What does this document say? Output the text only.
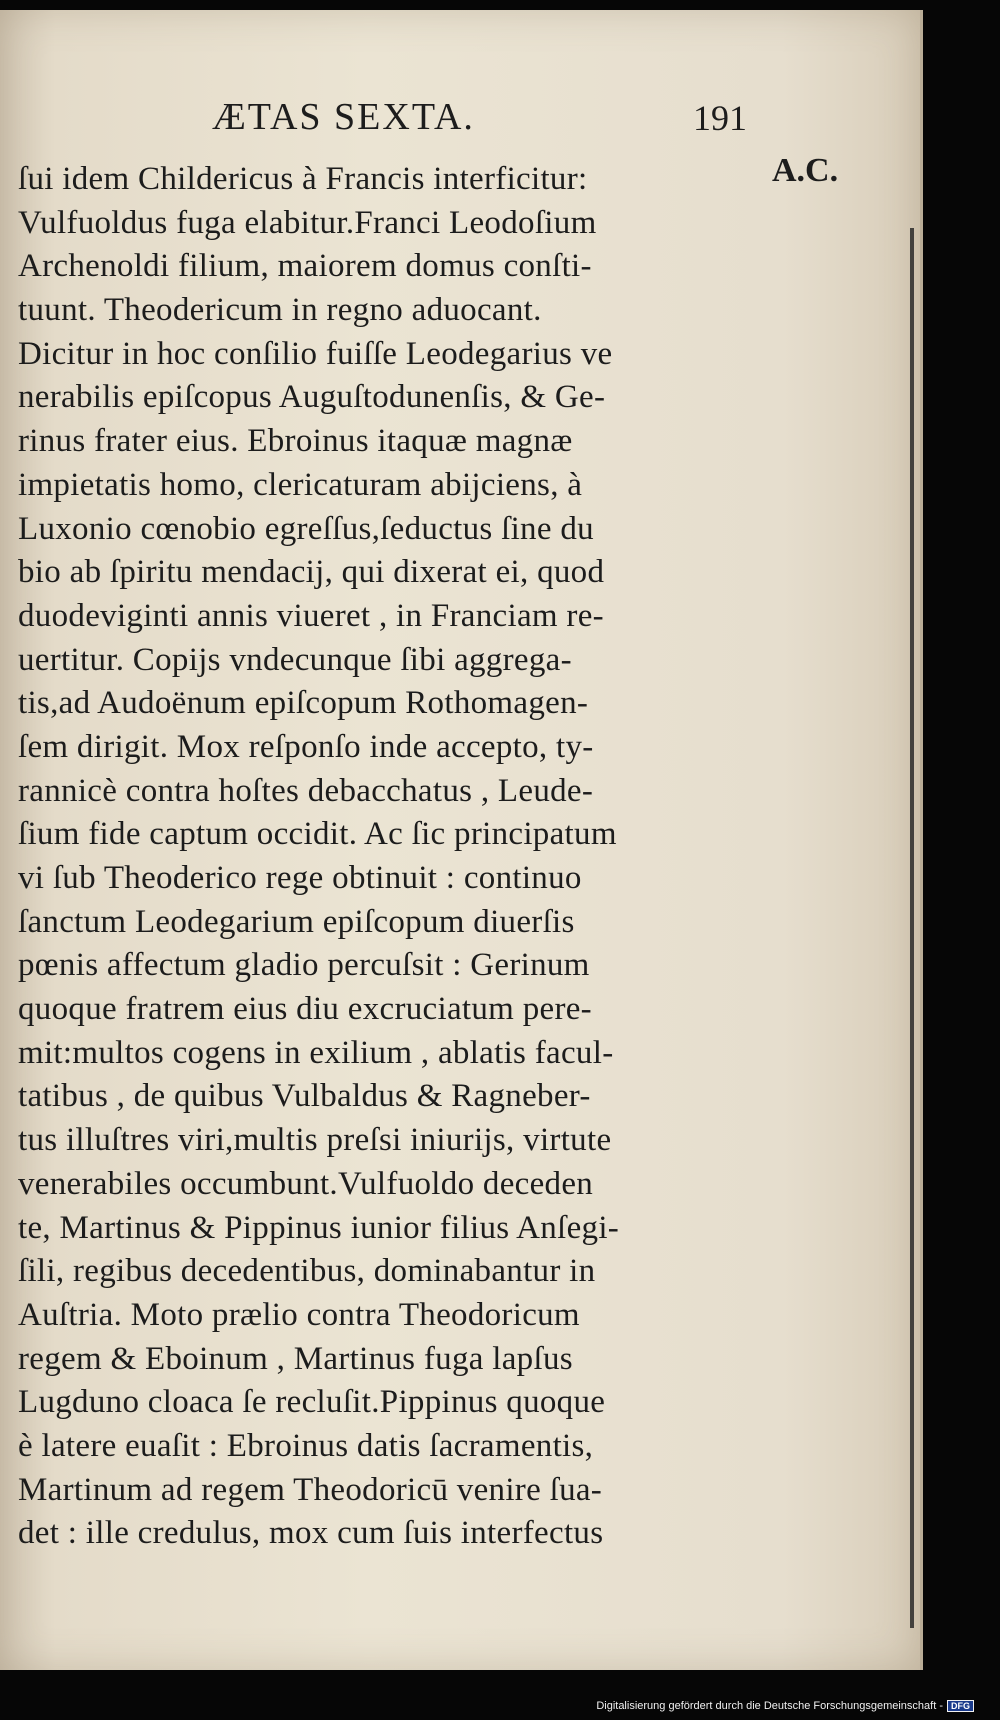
ÆTAS SEXTA.	191
A.C.
ſui idem Childericus à Francis interficitur:
Vulfuoldus fuga elabitur.Franci Leodoſium
Archenoldi filium, maiorem domus conſti-
tuunt. Theodericum in regno aduocant.
Dicitur in hoc conſilio fuiſſe Leodegarius ve
nerabilis epiſcopus Auguſtodunenſis, & Ge-
rinus frater eius. Ebroinus itaquæ magnæ
impietatis homo, clericaturam abijciens, à
Luxonio cœnobio egreſſus,ſeductus ſine du
bio ab ſpiritu mendacij, qui dixerat ei, quod
duodeviginti annis viueret , in Franciam re-
uertitur. Copijs vndecunque ſibi aggrega-
tis,ad Audoënum epiſcopum Rothomagen-
ſem dirigit. Mox reſponſo inde accepto, ty-
rannicè contra hoſtes debacchatus , Leude-
ſium fide captum occidit. Ac ſic principatum
vi ſub Theoderico rege obtinuit : continuo
ſanctum Leodegarium epiſcopum diuerſis
pœnis affectum gladio percuſsit : Gerinum
quoque fratrem eius diu excruciatum pere-
mit:multos cogens in exilium , ablatis facul-
tatibus , de quibus Vulbaldus & Ragneber-
tus illuſtres viri,multis preſsi iniurijs, virtute
venerabiles occumbunt.Vulfuoldo deceden
te, Martinus & Pippinus iunior filius Anſegi-
ſili, regibus decedentibus, dominabantur in
Auſtria. Moto prælio contra Theodoricum
regem & Eboinum , Martinus fuga lapſus
Lugduno cloaca ſe recluſit.Pippinus quoque
è latere euaſit : Ebroinus datis ſacramentis,
Martinum ad regem Theodoricū venire ſua-
det : ille credulus, mox cum ſuis interfectus
Digitalisierung gefördert durch die Deutsche Forschungsgemeinschaft - DFG
